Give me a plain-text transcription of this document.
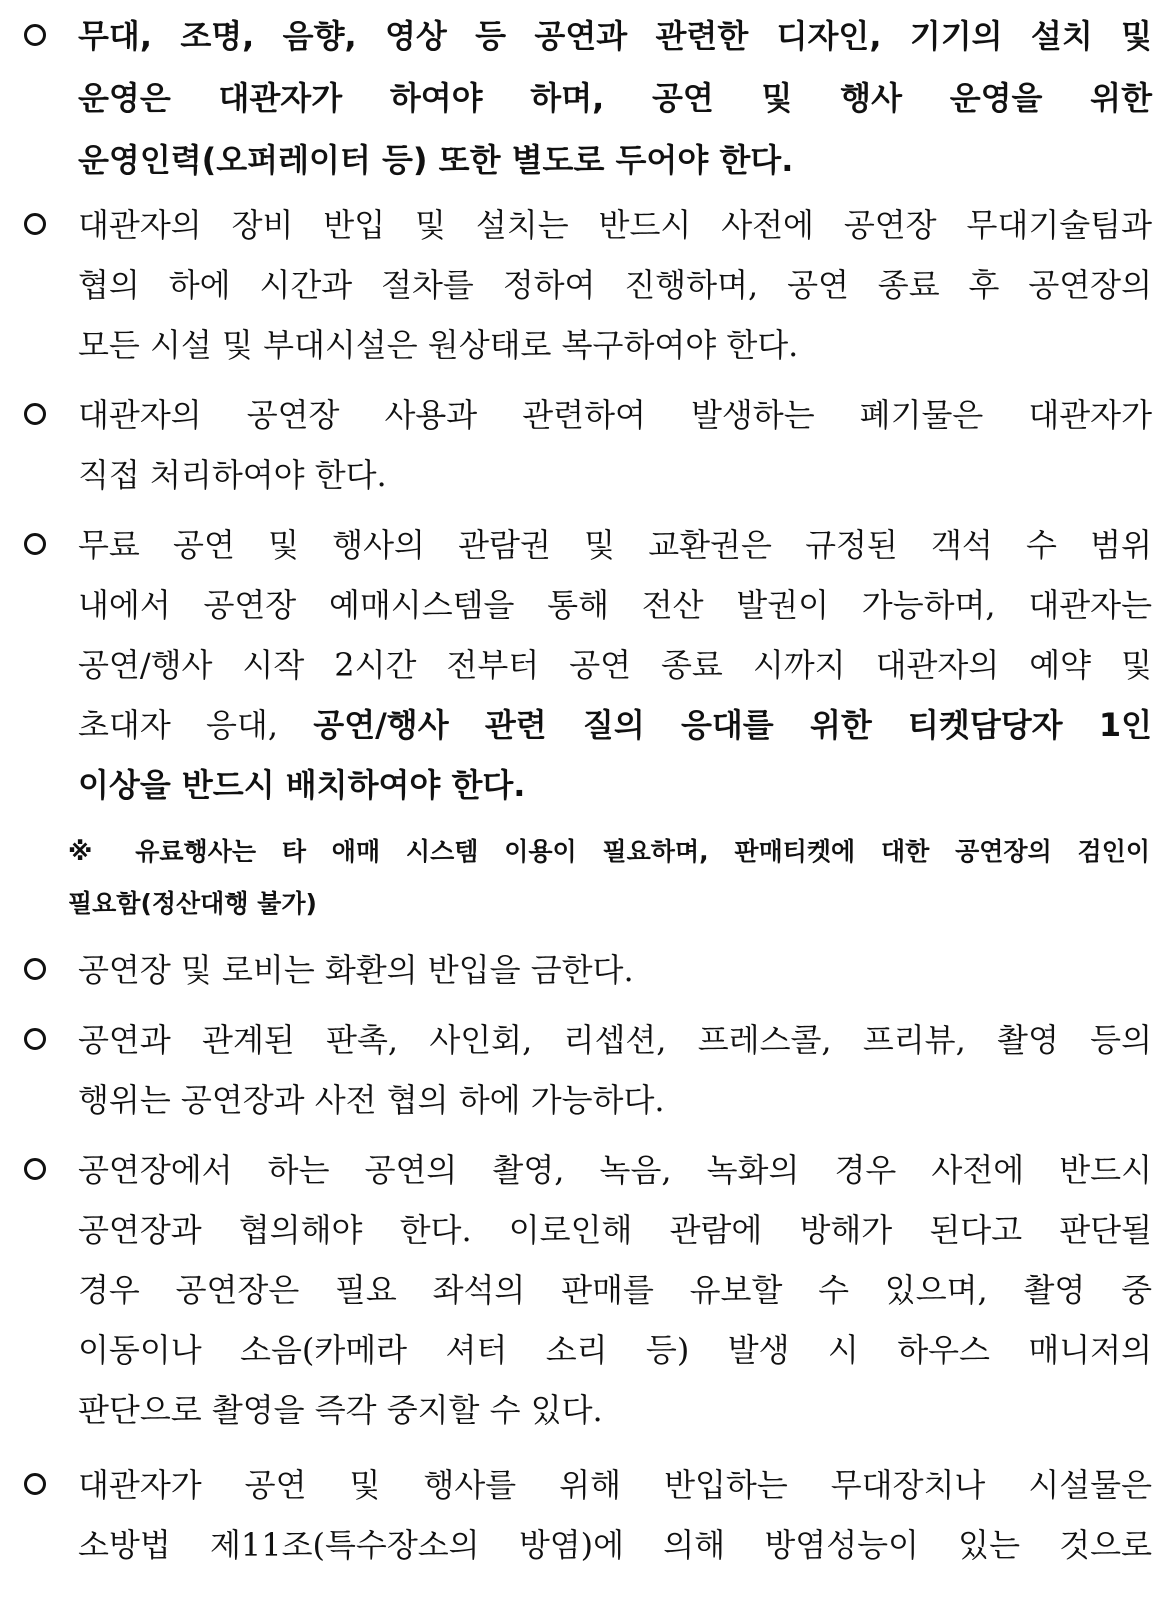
무대, 조명, 음향, 영상 등 공연과 관련한 디자인, 기기의 설치 및
운영은 대관자가 하여야 하며, 공연 및 행사 운영을 위한
운영인력(오퍼레이터 등) 또한 별도로 두어야 한다.
대관자의 장비 반입 및 설치는 반드시 사전에 공연장 무대기술팀과
협의 하에 시간과 절차를 정하여 진행하며, 공연 종료 후 공연장의
모든 시설 및 부대시설은 원상태로 복구하여야 한다.
대관자의 공연장 사용과 관련하여 발생하는 폐기물은 대관자가
직접 처리하여야 한다.
무료 공연 및 행사의 관람권 및 교환권은 규정된 객석 수 범위
내에서 공연장 예매시스템을 통해 전산 발권이 가능하며, 대관자는
공연/행사 시작 2시간 전부터 공연 종료 시까지 대관자의 예약 및
초대자 응대, 공연/행사 관련 질의 응대를 위한 티켓담당자 1인
이상을 반드시 배치하여야 한다.
※ 유료행사는 타 애매 시스템 이용이 필요하며, 판매티켓에 대한 공연장의 검인이
필요함(정산대행 불가)
공연장 및 로비는 화환의 반입을 금한다.
공연과 관계된 판촉, 사인회, 리셉션, 프레스콜, 프리뷰, 촬영 등의
행위는 공연장과 사전 협의 하에 가능하다.
공연장에서 하는 공연의 촬영, 녹음, 녹화의 경우 사전에 반드시
공연장과 협의해야 한다. 이로인해 관람에 방해가 된다고 판단될
경우 공연장은 필요 좌석의 판매를 유보할 수 있으며, 촬영 중
이동이나 소음(카메라 셔터 소리 등) 발생 시 하우스 매니저의
판단으로 촬영을 즉각 중지할 수 있다.
대관자가 공연 및 행사를 위해 반입하는 무대장치나 시설물은
소방법 제11조(특수장소의 방염)에 의해 방염성능이 있는 것으로
